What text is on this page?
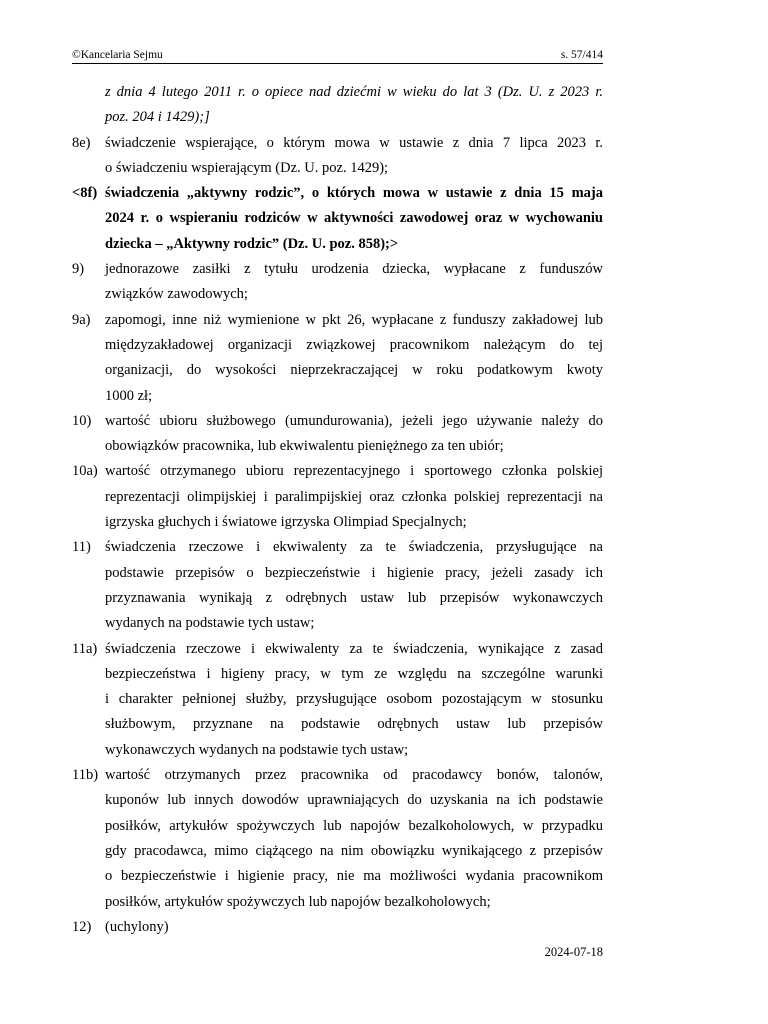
©Kancelaria Sejmu	s. 57/414
z dnia 4 lutego 2011 r. o opiece nad dziećmi w wieku do lat 3 (Dz. U. z 2023 r.
poz. 204 i 1429);]
8e) świadczenie wspierające, o którym mowa w ustawie z dnia 7 lipca 2023 r.
o świadczeniu wspierającym (Dz. U. poz. 1429);
<8f) świadczenia „aktywny rodzic”, o których mowa w ustawie z dnia 15 maja
2024 r. o wspieraniu rodziców w aktywności zawodowej oraz w wychowaniu
dziecka – „Aktywny rodzic” (Dz. U. poz. 858);>
9) jednorazowe zasiłki z tytułu urodzenia dziecka, wypłacane z funduszów
związków zawodowych;
9a) zapomogi, inne niż wymienione w pkt 26, wypłacane z funduszy zakładowej lub
międzyzakładowej organizacji związkowej pracownikom należącym do tej
organizacji, do wysokości nieprzekraczającej w roku podatkowym kwoty
1000 zł;
10) wartość ubioru służbowego (umundurowania), jeżeli jego używanie należy do
obowiązków pracownika, lub ekwiwalentu pieniężnego za ten ubiór;
10a) wartość otrzymanego ubioru reprezentacyjnego i sportowego członka polskiej
reprezentacji olimpijskiej i paralimpijskiej oraz członka polskiej reprezentacji na
igrzyska głuchych i światowe igrzyska Olimpiad Specjalnych;
11) świadczenia rzeczowe i ekwiwalenty za te świadczenia, przysługujące na
podstawie przepisów o bezpieczeństwie i higienie pracy, jeżeli zasady ich
przyznawania wynikają z odrębnych ustaw lub przepisów wykonawczych
wydanych na podstawie tych ustaw;
11a) świadczenia rzeczowe i ekwiwalenty za te świadczenia, wynikające z zasad
bezpieczeństwa i higieny pracy, w tym ze względu na szczególne warunki
i charakter pełnionej służby, przysługujące osobom pozostającym w stosunku
służbowym, przyznane na podstawie odrębnych ustaw lub przepisów
wykonawczych wydanych na podstawie tych ustaw;
11b) wartość otrzymanych przez pracownika od pracodawcy bonów, talonów,
kuponów lub innych dowodów uprawniających do uzyskania na ich podstawie
posiłków, artykułów spożywczych lub napojów bezalkoholowych, w przypadku
gdy pracodawca, mimo ciążącego na nim obowiązku wynikającego z przepisów
o bezpieczeństwie i higienie pracy, nie ma możliwości wydania pracownikom
posiłków, artykułów spożywczych lub napojów bezalkoholowych;
12) (uchylony)
2024-07-18
